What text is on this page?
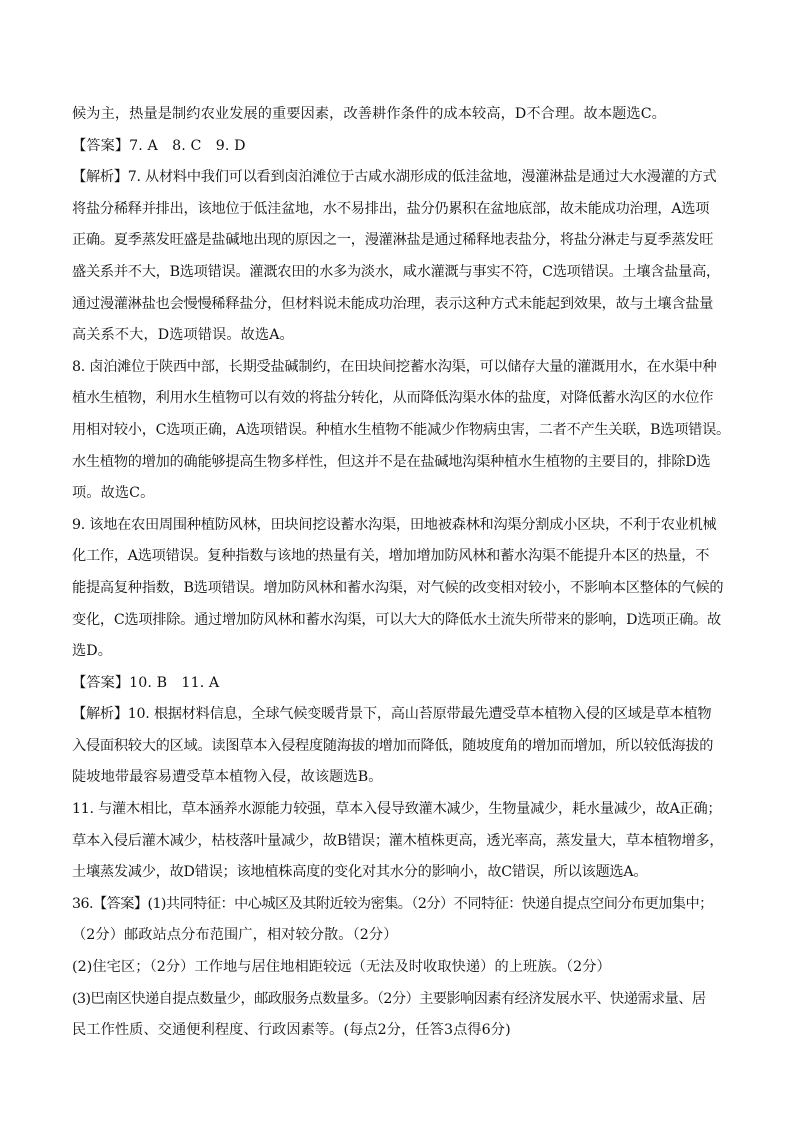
候为主，热量是制约农业发展的重要因素，改善耕作条件的成本较高，D不合理。故本题选C。
【答案】7. A　8. C　9. D
【解析】7. 从材料中我们可以看到卤泊滩位于古咸水湖形成的低洼盆地，漫灌淋盐是通过大水漫灌的方式
将盐分稀释并排出，该地位于低洼盆地，水不易排出，盐分仍累积在盆地底部，故未能成功治理，A选项
正确。夏季蒸发旺盛是盐碱地出现的原因之一，漫灌淋盐是通过稀释地表盐分，将盐分淋走与夏季蒸发旺
盛关系并不大，B选项错误。灌溉农田的水多为淡水，咸水灌溉与事实不符，C选项错误。土壤含盐量高，
通过漫灌淋盐也会慢慢稀释盐分，但材料说未能成功治理，表示这种方式未能起到效果，故与土壤含盐量
高关系不大，D选项错误。故选A。
8. 卤泊滩位于陕西中部，长期受盐碱制约，在田块间挖蓄水沟渠，可以储存大量的灌溉用水，在水渠中种
植水生植物，利用水生植物可以有效的将盐分转化，从而降低沟渠水体的盐度，对降低蓄水沟区的水位作
用相对较小，C选项正确，A选项错误。种植水生植物不能减少作物病虫害，二者不产生关联，B选项错误。
水生植物的增加的确能够提高生物多样性，但这并不是在盐碱地沟渠种植水生植物的主要目的，排除D选
项。故选C。
9. 该地在农田周围种植防风林，田块间挖设蓄水沟渠，田地被森林和沟渠分割成小区块，不利于农业机械
化工作，A选项错误。复种指数与该地的热量有关，增加增加防风林和蓄水沟渠不能提升本区的热量，不
能提高复种指数，B选项错误。增加防风林和蓄水沟渠，对气候的改变相对较小，不影响本区整体的气候的
变化，C选项排除。通过增加防风林和蓄水沟渠，可以大大的降低水土流失所带来的影响，D选项正确。故
选D。
【答案】10. B　11. A
【解析】10. 根据材料信息，全球气候变暖背景下，高山苔原带最先遭受草本植物入侵的区域是草本植物
入侵面积较大的区域。读图草本入侵程度随海拔的增加而降低，随坡度角的增加而增加，所以较低海拔的
陡坡地带最容易遭受草本植物入侵，故该题选B。
11. 与灌木相比，草本涵养水源能力较强，草本入侵导致灌木减少，生物量减少，耗水量减少，故A正确；
草本入侵后灌木减少，枯枝落叶量减少，故B错误；灌木植株更高，透光率高，蒸发量大，草本植物增多，
土壤蒸发减少，故D错误；该地植株高度的变化对其水分的影响小，故C错误，所以该题选A。
36.【答案】(1)共同特征：中心城区及其附近较为密集。（2分）不同特征：快递自提点空间分布更加集中；
（2分）邮政站点分布范围广，相对较分散。（2分）
(2)住宅区；（2分）工作地与居住地相距较远（无法及时收取快递）的上班族。（2分）
(3)巴南区快递自提点数量少，邮政服务点数量多。（2分）主要影响因素有经济发展水平、快递需求量、居
民工作性质、交通便利程度、行政因素等。(每点2分，任答3点得6分)
